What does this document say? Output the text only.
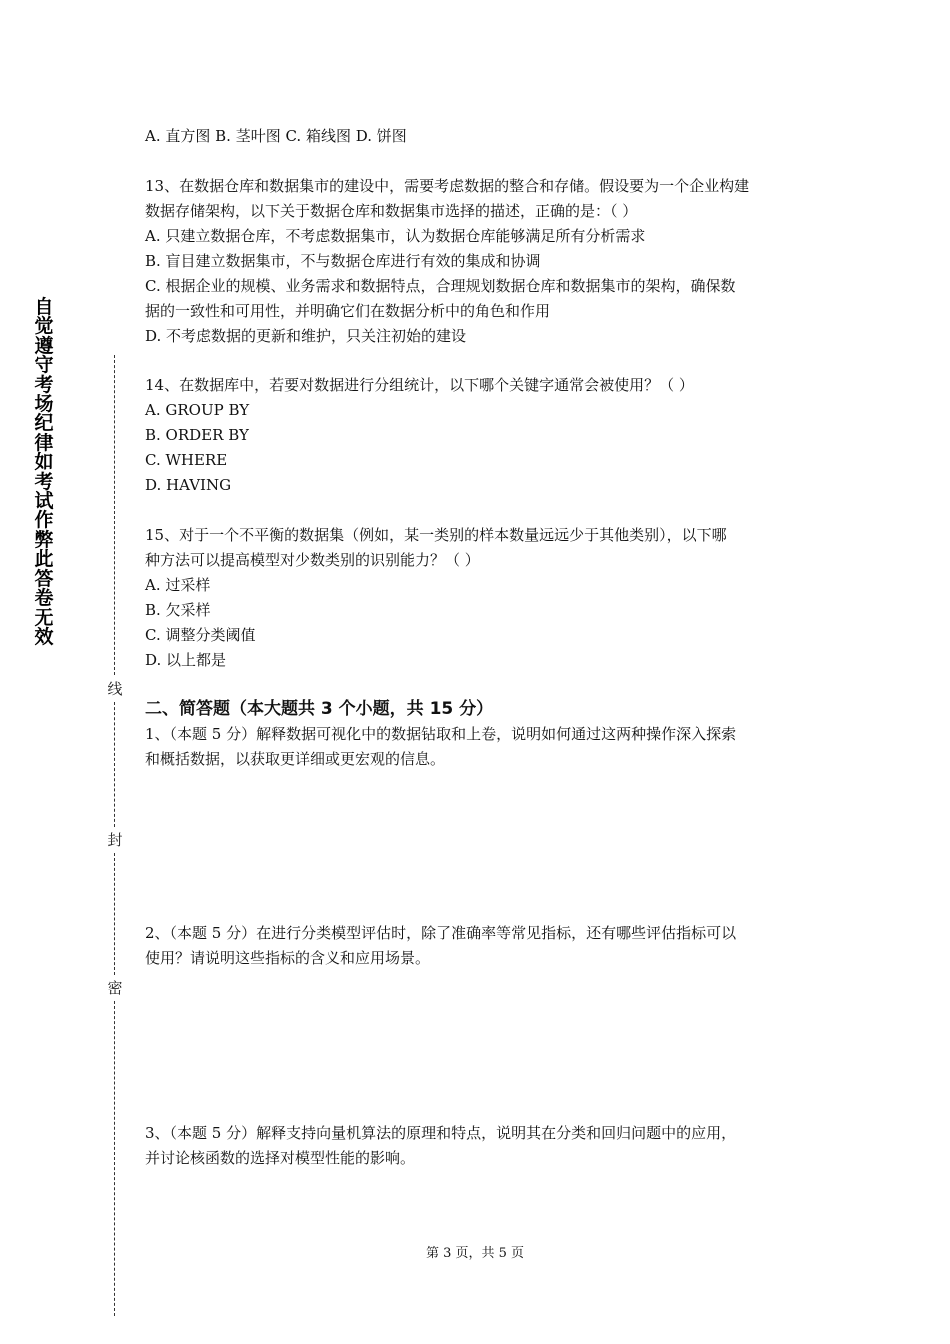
自觉遵守考场纪律如考试作弊此答卷无效
线
封
密
A. 直方图 B. 茎叶图 C. 箱线图 D. 饼图
13、在数据仓库和数据集市的建设中，需要考虑数据的整合和存储。假设要为一个企业构建
数据存储架构，以下关于数据仓库和数据集市选择的描述，正确的是：（ ）
A. 只建立数据仓库，不考虑数据集市，认为数据仓库能够满足所有分析需求
B. 盲目建立数据集市，不与数据仓库进行有效的集成和协调
C. 根据企业的规模、业务需求和数据特点，合理规划数据仓库和数据集市的架构，确保数
据的一致性和可用性，并明确它们在数据分析中的角色和作用
D. 不考虑数据的更新和维护，只关注初始的建设
14、在数据库中，若要对数据进行分组统计，以下哪个关键字通常会被使用？（ ）
A. GROUP BY
B. ORDER BY
C. WHERE
D. HAVING
15、对于一个不平衡的数据集（例如，某一类别的样本数量远远少于其他类别），以下哪
种方法可以提高模型对少数类别的识别能力？（ ）
A. 过采样
B. 欠采样
C. 调整分类阈值
D. 以上都是
二、简答题（本大题共 3 个小题，共 15 分）
1、（本题 5 分）解释数据可视化中的数据钻取和上卷，说明如何通过这两种操作深入探索
和概括数据，以获取更详细或更宏观的信息。
2、（本题 5 分）在进行分类模型评估时，除了准确率等常见指标，还有哪些评估指标可以
使用？请说明这些指标的含义和应用场景。
3、（本题 5 分）解释支持向量机算法的原理和特点，说明其在分类和回归问题中的应用，
并讨论核函数的选择对模型性能的影响。
第 3 页，共 5 页
